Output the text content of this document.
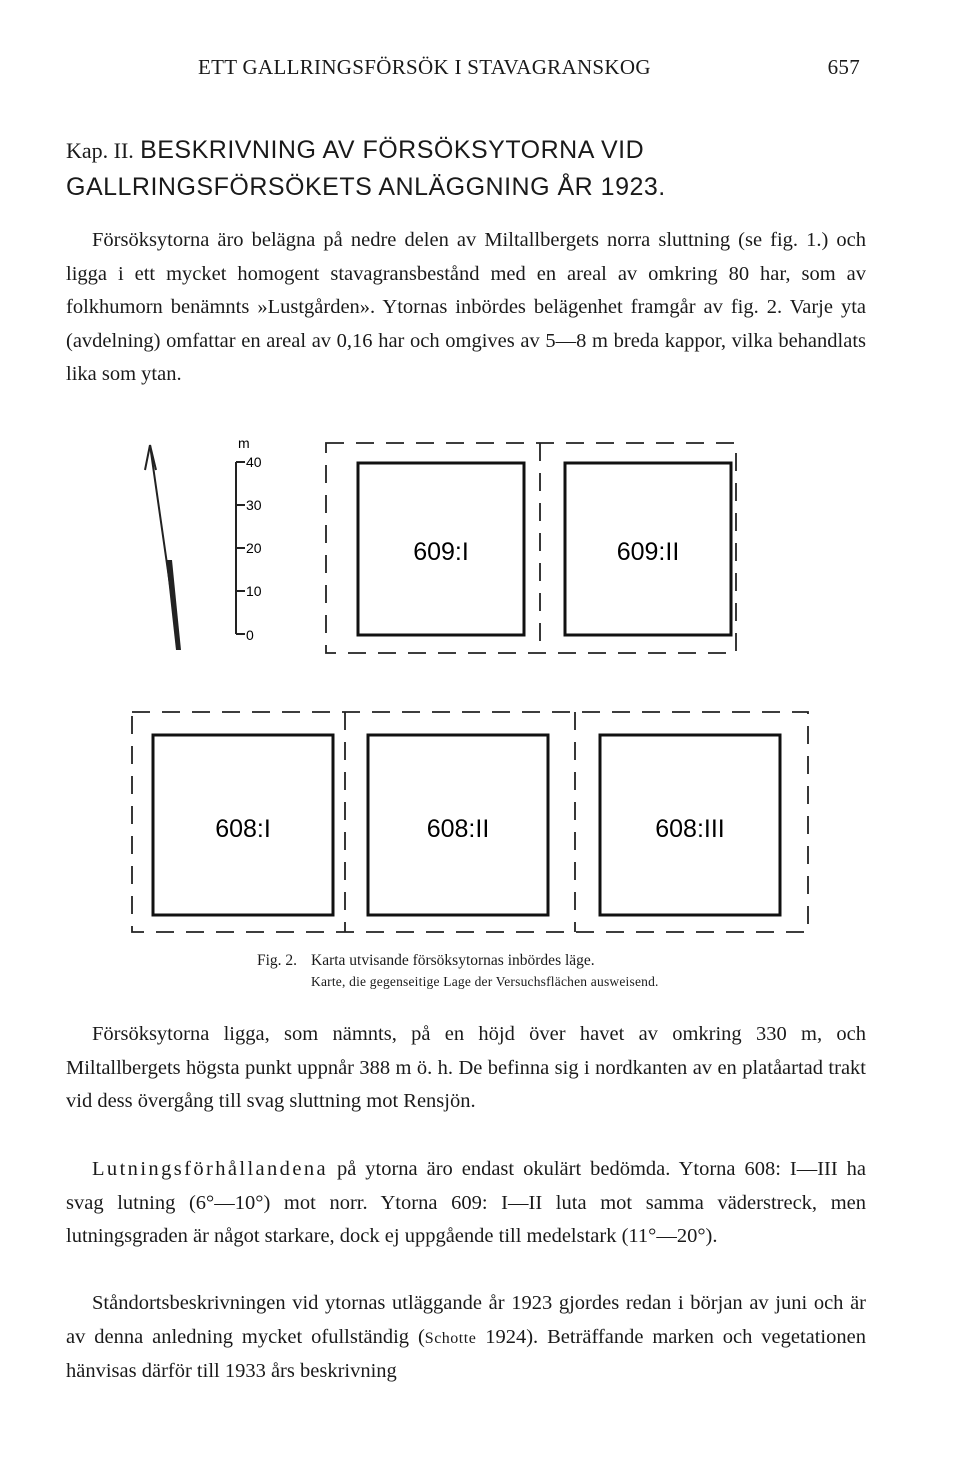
ETT GALLRINGSFÖRSÖK I STAVAGRANSKOG	657
Kap. II. BESKRIVNING AV FÖRSÖKSYTORNA VID
GALLRINGSFÖRSÖKETS ANLÄGGNING ÅR 1923.

Försöksytorna äro belägna på nedre delen av Miltallbergets norra sluttning (se fig. 1.) och ligga i ett mycket homogent stavagransbestånd med en areal av omkring 80 har, som av folkhumorn benämnts »Lustgården». Ytornas inbördes belägenhet framgår av fig. 2. Varje yta (avdelning) omfattar en areal av 0,16 har och omgives av 5—8 m breda kappor, vilka behandlats lika som ytan.

Försöksytorna ligga, som nämnts, på en höjd över havet av omkring 330 m, och Miltallbergets högsta punkt uppnår 388 m ö. h. De befinna sig i nordkanten av en platåartad trakt vid dess övergång till svag sluttning mot Rensjön.

Lutningsförhållandena på ytorna äro endast okulärt bedömda. Ytorna 608: I—III ha svag lutning (6°—10°) mot norr. Ytorna 609: I—II luta mot samma väderstreck, men lutningsgraden är något starkare, dock ej uppgående till medelstark (11°—20°).

Ståndortsbeskrivningen vid ytornas utläggande år 1923 gjordes redan i början av juni och är av denna anledning mycket ofullständig (Schotte 1924). Beträffande marken och vegetationen hänvisas därför till 1933 års beskrivning

m
40
30
20
10
0
609:I	609:II
608:I	608:II	608:III
Fig. 2. Karta utvisande försöksytornas inbördes läge.
Karte, die gegenseitige Lage der Versuchsflächen ausweisend.
